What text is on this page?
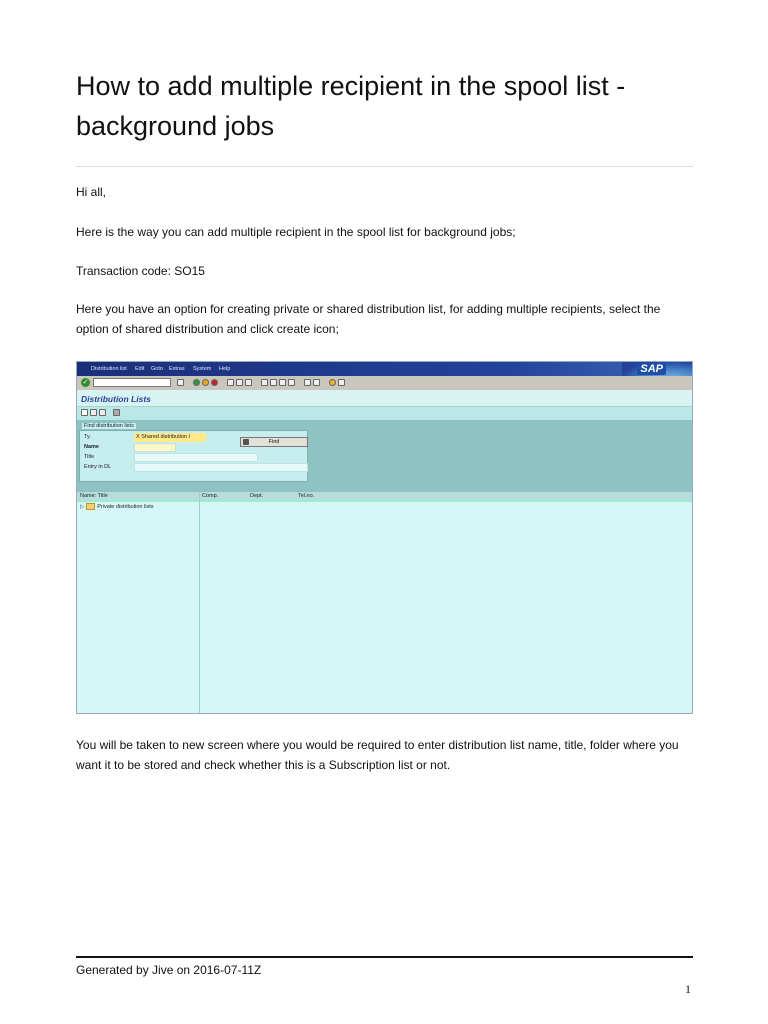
How to add multiple recipient in the spool list - background jobs

Hi all,

Here is the way you can add multiple recipient in the spool list for background jobs;

Transaction code: SO15

Here you have an option for creating private or shared distribution list, for adding multiple recipients, select the option of shared distribution and click create icon;

Distribution list Edit Goto Extras System Help	SAP
✓
Distribution Lists
Find distribution lists
Ty.	X Shared distribution l
Name
Title
Entry in DL
Find
Name: Title	Comp.	Dept.	Tel.no.
▷ Private distribution lists

You will be taken to new screen where you would be required to enter distribution list name, title, folder where you want it to be stored and check whether this is a Subscription list or not.

Generated by Jive on 2016-07-11Z
1
